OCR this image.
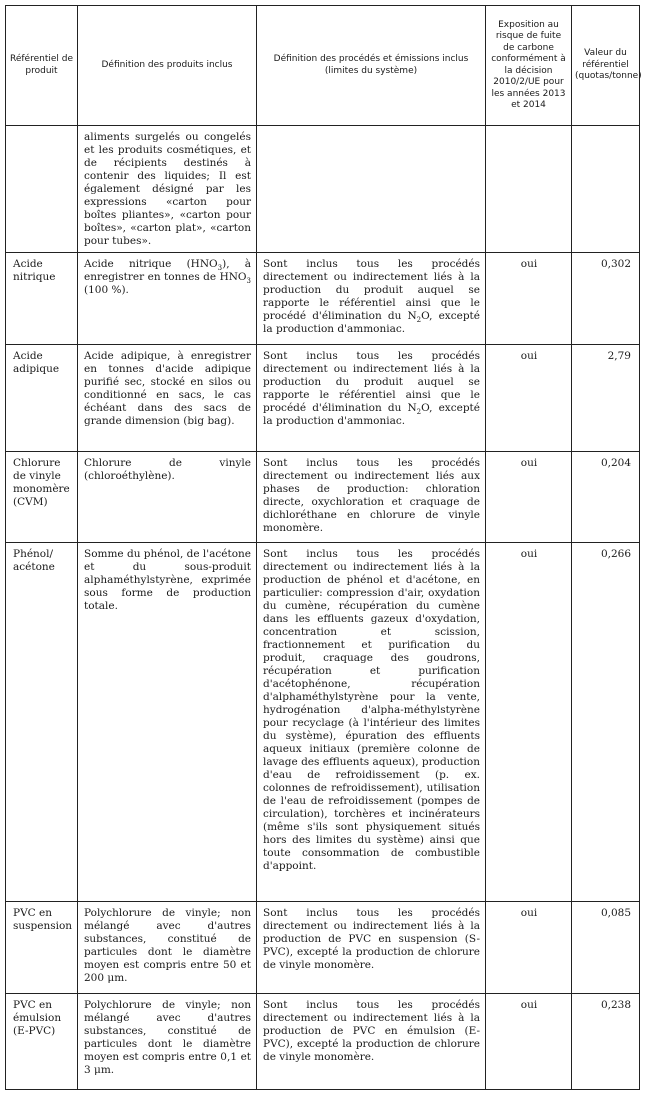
Référentiel de produit	Définition des produits inclus	Définition des procédés et émissions inclus (limites du système)	Exposition au risque de fuite de carbone conformément à la décision 2010/2/UE pour les années 2013 et 2014	Valeur du référentiel (quotas/tonne)

	aliments surgelés ou congelés et les produits cosmétiques, et de récipients destinés à contenir des liquides; Il est également désigné par les expressions «carton pour boîtes pliantes», «carton pour boîtes», «carton plat», «carton pour tubes».			

Acide nitrique	Acide nitrique $(HNO_3)$, à enregistrer en tonnes de $HNO_3$ (100 %).	Sont inclus tous les procédés directement ou indirectement liés à la production du produit auquel se rapporte le référentiel ainsi que le procédé d'élimination du $N_2O$, excepté la production d'ammoniac.	oui	0,302

Acide adipique	Acide adipique, à enregistrer en tonnes d'acide adipique purifié sec, stocké en silos ou conditionné en sacs, le cas échéant dans des sacs de grande dimension (big bag).	Sont inclus tous les procédés directement ou indirectement liés à la production du produit auquel se rapporte le référentiel ainsi que le procédé d'élimination du $N_2O$, excepté la production d'ammoniac.	oui	2,79

Chlorure de vinyle monomère (CVM)	Chlorure de vinyle (chloroéthylène).	Sont inclus tous les procédés directement ou indirectement liés aux phases de production: chloration directe, oxychloration et craquage de dichloréthane en chlorure de vinyle monomère.	oui	0,204

Phénol/ acétone	Somme du phénol, de l'acétone et du sous-produit alphaméthylstyrène, exprimée sous forme de production totale.	Sont inclus tous les procédés directement ou indirectement liés à la production de phénol et d'acétone, en particulier: compression d'air, oxydation du cumène, récupération du cumène dans les effluents gazeux d'oxydation, concentration et scission, fractionnement et purification du produit, craquage des goudrons, récupération et purification d'acétophénone, récupération d'alphaméthylstyrène pour la vente, hydrogénation d'alpha-méthylstyrène pour recyclage (à l'intérieur des limites du système), épuration des effluents aqueux initiaux (première colonne de lavage des effluents aqueux), production d'eau de refroidissement (p. ex. colonnes de refroidissement), utilisation de l'eau de refroidissement (pompes de circulation), torchères et incinérateurs (même s'ils sont physiquement situés hors des limites du système) ainsi que toute consommation de combustible d'appoint.	oui	0,266

PVC en suspension	Polychlorure de vinyle; non mélangé avec d'autres substances, constitué de particules dont le diamètre moyen est compris entre 50 et 200 μm.	Sont inclus tous les procédés directement ou indirectement liés à la production de PVC en suspension (S-PVC), excepté la production de chlorure de vinyle monomère.	oui	0,085

PVC en émulsion (E-PVC)	Polychlorure de vinyle; non mélangé avec d'autres substances, constitué de particules dont le diamètre moyen est compris entre 0,1 et 3 μm.	Sont inclus tous les procédés directement ou indirectement liés à la production de PVC en émulsion (E-PVC), excepté la production de chlorure de vinyle monomère.	oui	0,238
